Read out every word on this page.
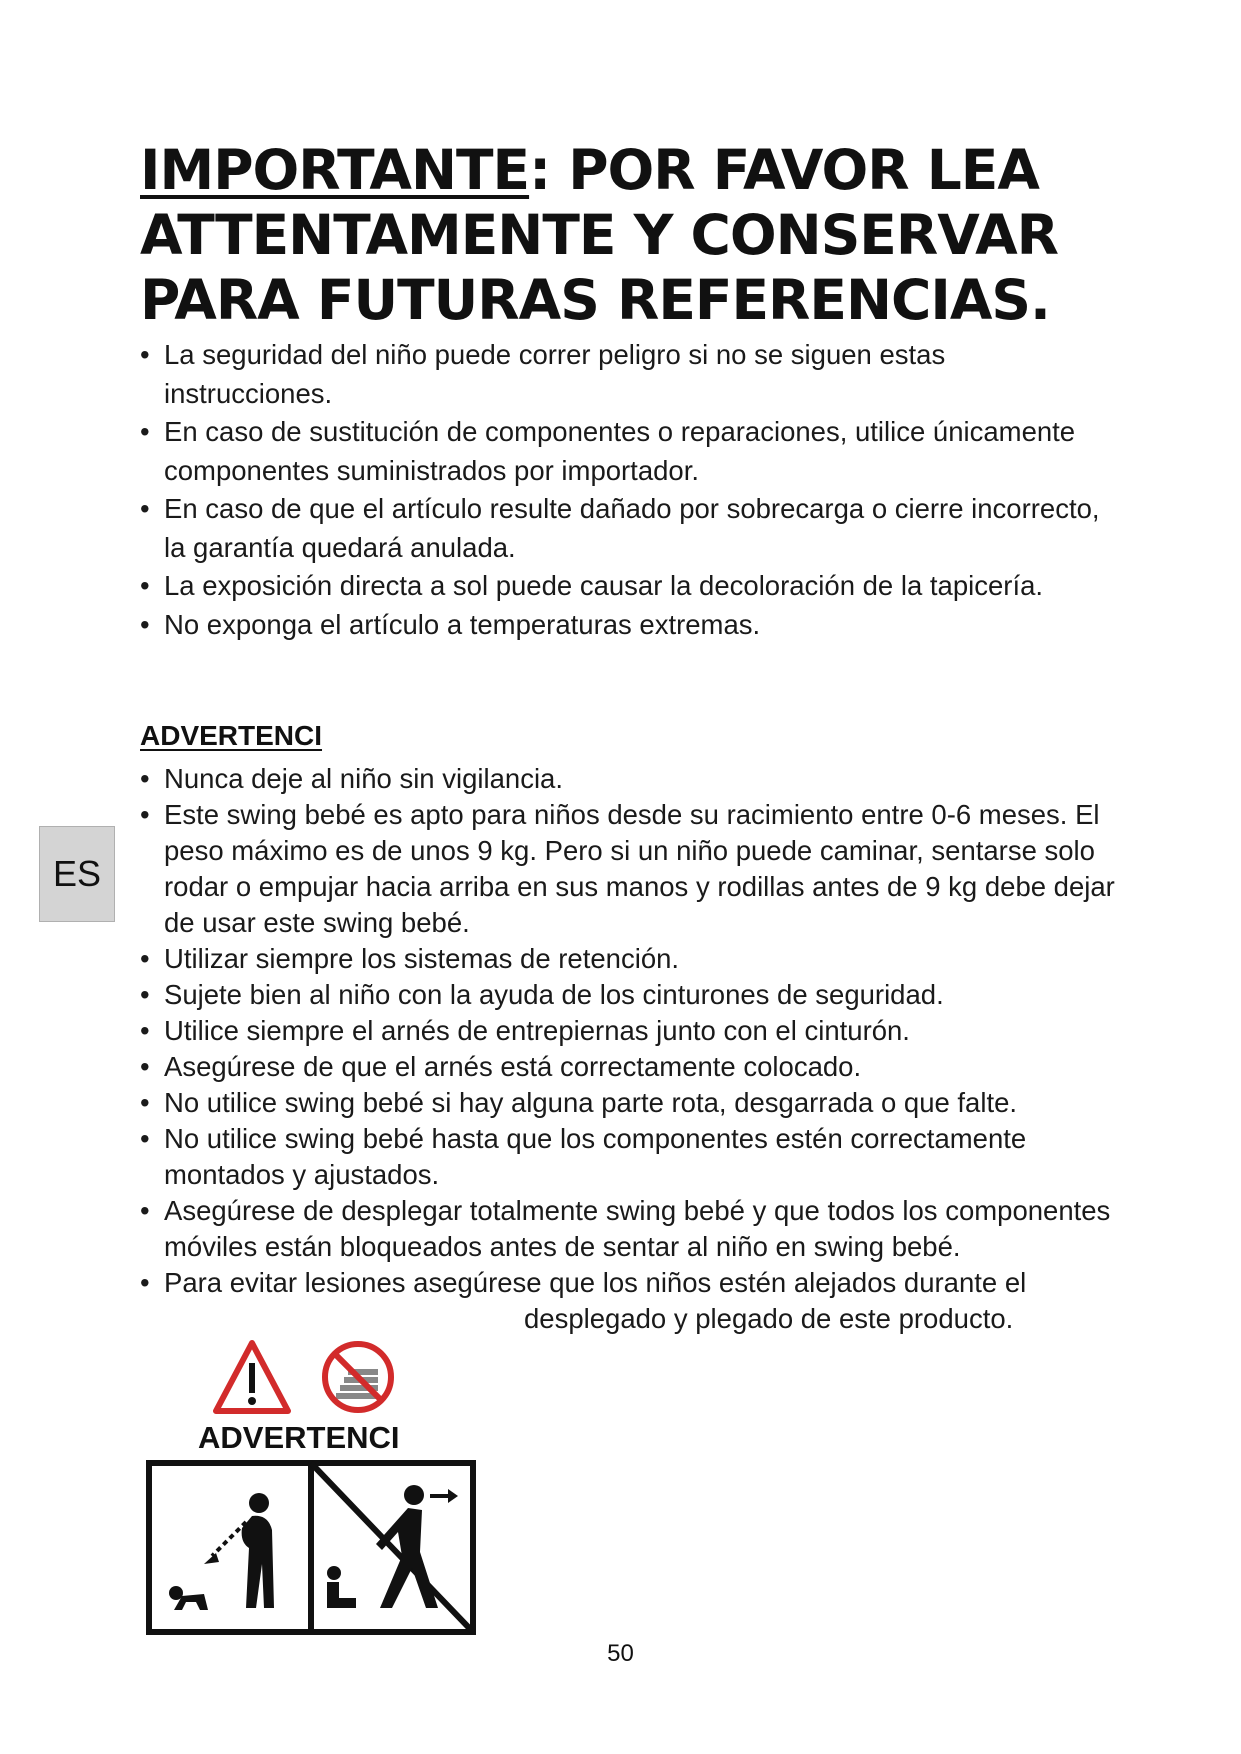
IMPORTANTE: POR FAVOR LEA
ATTENTAMENTE Y CONSERVAR
PARA FUTURAS REFERENCIAS.
• La seguridad del niño puede correr peligro si no se siguen estas instrucciones.
• En caso de sustitución de componentes o reparaciones, utilice únicamente componentes suministrados por importador.
• En caso de que el artículo resulte dañado por sobrecarga o cierre incorrecto, la garantía quedará anulada.
• La exposición directa a sol puede causar la decoloración de la tapicería.
• No exponga el artículo a temperaturas extremas.
ADVERTENCI
• Nunca deje al niño sin vigilancia.
• Este swing bebé es apto para niños desde su racimiento entre 0-6 meses. El peso máximo es de unos 9 kg. Pero si un niño puede caminar, sentarse solo rodar o empujar hacia arriba en sus manos y rodillas antes de 9 kg debe dejar de usar este swing bebé.
• Utilizar siempre los sistemas de retención.
• Sujete bien al niño con la ayuda de los cinturones de seguridad.
• Utilice siempre el arnés de entrepiernas junto con el cinturón.
• Asegúrese de que el arnés está correctamente colocado.
• No utilice swing bebé si hay alguna parte rota, desgarrada o que falte.
• No utilice swing bebé hasta que los componentes estén correctamente montados y ajustados.
• Asegúrese de desplegar totalmente swing bebé y que todos los componentes móviles están bloqueados antes de sentar al niño en swing bebé.
• Para evitar lesiones asegúrese que los niños estén alejados durante el
desplegado y plegado de este producto.
ES
ADVERTENCI
50
